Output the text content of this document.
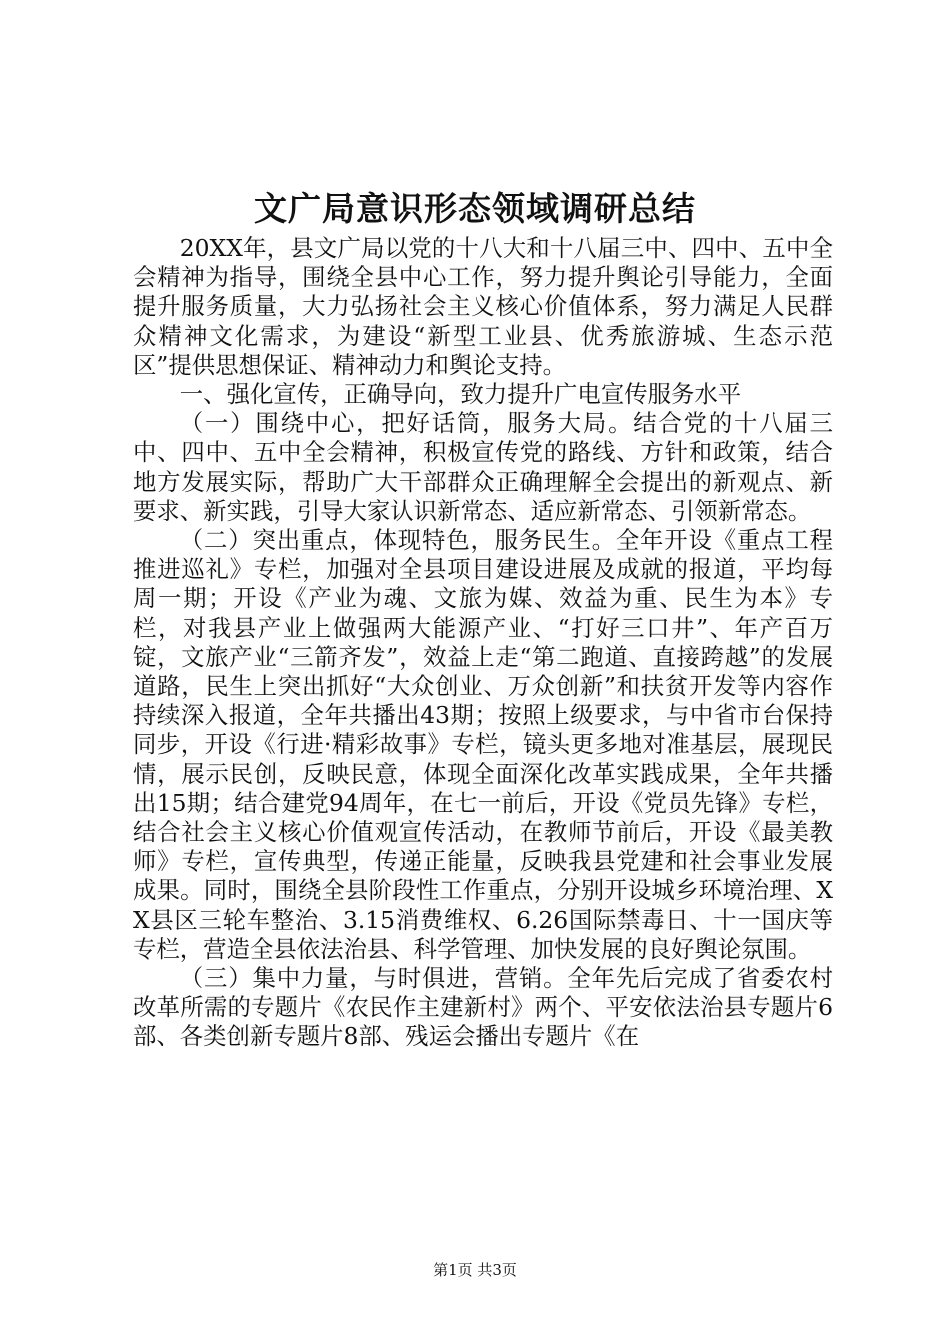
文广局意识形态领域调研总结

20XX年，县文广局以党的十八大和十八届三中、四中、五中全会精神为指导，围绕全县中心工作，努力提升舆论引导能力，全面提升服务质量，大力弘扬社会主义核心价值体系，努力满足人民群众精神文化需求，为建设“新型工业县、优秀旅游城、生态示范区”提供思想保证、精神动力和舆论支持。

一、强化宣传，正确导向，致力提升广电宣传服务水平

（一）围绕中心，把好话筒，服务大局。结合党的十八届三中、四中、五中全会精神，积极宣传党的路线、方针和政策，结合地方发展实际，帮助广大干部群众正确理解全会提出的新观点、新要求、新实践，引导大家认识新常态、适应新常态、引领新常态。

（二）突出重点，体现特色，服务民生。全年开设《重点工程推进巡礼》专栏，加强对全县项目建设进展及成就的报道，平均每周一期；开设《产业为魂、文旅为媒、效益为重、民生为本》专栏，对我县产业上做强两大能源产业、“打好三口井”、年产百万锭，文旅产业“三箭齐发”，效益上走“第二跑道、直接跨越”的发展道路，民生上突出抓好“大众创业、万众创新”和扶贫开发等内容作持续深入报道，全年共播出43期；按照上级要求，与中省市台保持同步，开设《行进·精彩故事》专栏，镜头更多地对准基层，展现民情，展示民创，反映民意，体现全面深化改革实践成果，全年共播出15期；结合建党94周年，在七一前后，开设《党员先锋》专栏，结合社会主义核心价值观宣传活动，在教师节前后，开设《最美教师》专栏，宣传典型，传递正能量，反映我县党建和社会事业发展成果。同时，围绕全县阶段性工作重点，分别开设城乡环境治理、XX县区三轮车整治、3.15消费维权、6.26国际禁毒日、十一国庆等专栏，营造全县依法治县、科学管理、加快发展的良好舆论氛围。

（三）集中力量，与时俱进，营销。全年先后完成了省委农村改革所需的专题片《农民作主建新村》两个、平安依法治县专题片6部、各类创新专题片8部、残运会播出专题片《在

第1页 共3页
